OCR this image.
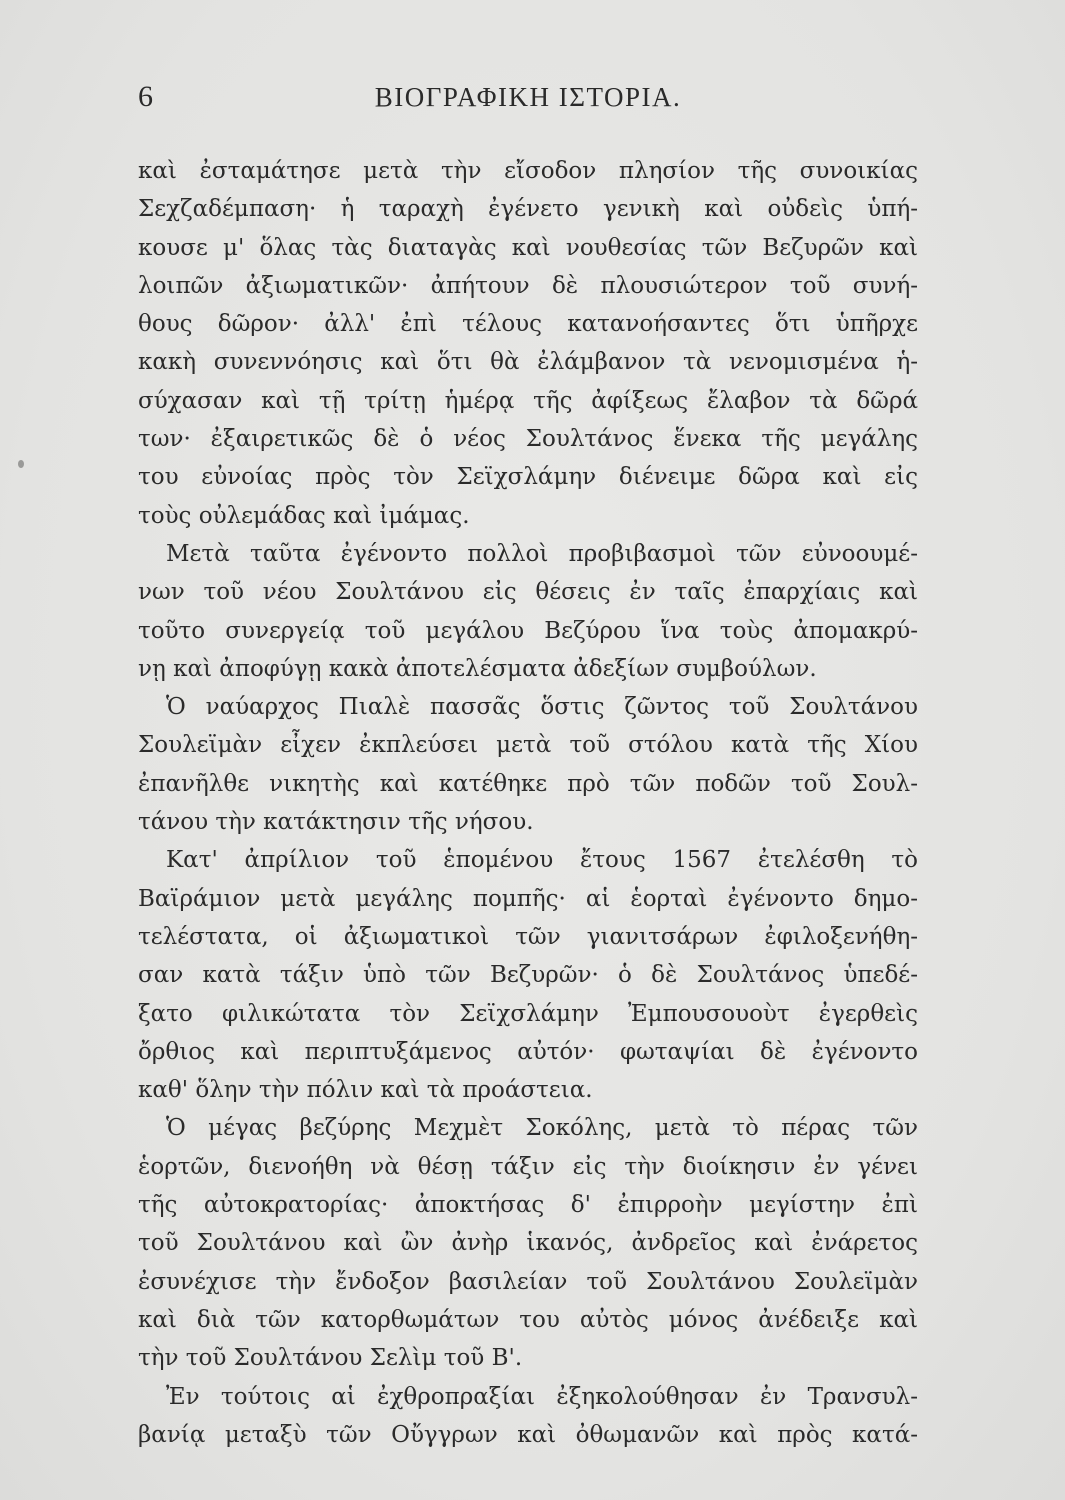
6	ΒΙΟΓΡΑΦΙΚΗ ΙΣΤΟΡΙΑ.
καὶ ἐσταμάτησε μετὰ τὴν εἴσοδον πλησίον τῆς συνοικίας
Σεχζαδέμπαση· ἡ ταραχὴ ἐγένετο γενικὴ καὶ οὐδεὶς ὑπή-
κουσε μ' ὅλας τὰς διαταγὰς καὶ νουθεσίας τῶν Βεζυρῶν καὶ
λοιπῶν ἀξιωματικῶν· ἀπήτουν δὲ πλουσιώτερον τοῦ συνή-
θους δῶρον· ἀλλ' ἐπὶ τέλους κατανοήσαντες ὅτι ὑπῆρχε
κακὴ συνεννόησις καὶ ὅτι θὰ ἐλάμβανον τὰ νενομισμένα ἡ-
σύχασαν καὶ τῇ τρίτῃ ἡμέρᾳ τῆς ἀφίξεως ἔλαβον τὰ δῶρά
των· ἐξαιρετικῶς δὲ ὁ νέος Σουλτάνος ἕνεκα τῆς μεγάλης
του εὐνοίας πρὸς τὸν Σεϊχσλάμην διένειμε δῶρα καὶ εἰς
τοὺς οὐλεμάδας καὶ ἰμάμας.
Μετὰ ταῦτα ἐγένοντο πολλοὶ προβιβασμοὶ τῶν εὐνοουμέ-
νων τοῦ νέου Σουλτάνου εἰς θέσεις ἐν ταῖς ἐπαρχίαις καὶ
τοῦτο συνεργείᾳ τοῦ μεγάλου Βεζύρου ἵνα τοὺς ἀπομακρύ-
νῃ καὶ ἀποφύγῃ κακὰ ἀποτελέσματα ἀδεξίων συμβούλων.
Ὁ ναύαρχος Πιαλὲ πασσᾶς ὅστις ζῶντος τοῦ Σουλτάνου
Σουλεϊμὰν εἶχεν ἐκπλεύσει μετὰ τοῦ στόλου κατὰ τῆς Χίου
ἐπανῆλθε νικητὴς καὶ κατέθηκε πρὸ τῶν ποδῶν τοῦ Σουλ-
τάνου τὴν κατάκτησιν τῆς νήσου.
Κατ' ἀπρίλιον τοῦ ἑπομένου ἔτους 1567 ἐτελέσθη τὸ
Βαϊράμιον μετὰ μεγάλης πομπῆς· αἱ ἑορταὶ ἐγένοντο δημο-
τελέστατα, οἱ ἀξιωματικοὶ τῶν γιανιτσάρων ἐφιλοξενήθη-
σαν κατὰ τάξιν ὑπὸ τῶν Βεζυρῶν· ὁ δὲ Σουλτάνος ὑπεδέ-
ξατο φιλικώτατα τὸν Σεϊχσλάμην Ἐμπουσουοὺτ ἐγερθεὶς
ὄρθιος καὶ περιπτυξάμενος αὐτόν· φωταψίαι δὲ ἐγένοντο
καθ' ὅλην τὴν πόλιν καὶ τὰ προάστεια.
Ὁ μέγας βεζύρης Μεχμὲτ Σοκόλης, μετὰ τὸ πέρας τῶν
ἑορτῶν, διενοήθη νὰ θέσῃ τάξιν εἰς τὴν διοίκησιν ἐν γένει
τῆς αὐτοκρατορίας· ἀποκτήσας δ' ἐπιρροὴν μεγίστην ἐπὶ
τοῦ Σουλτάνου καὶ ὢν ἀνὴρ ἱκανός, ἀνδρεῖος καὶ ἐνάρετος
ἐσυνέχισε τὴν ἔνδοξον βασιλείαν τοῦ Σουλτάνου Σουλεϊμὰν
καὶ διὰ τῶν κατορθωμάτων του αὐτὸς μόνος ἀνέδειξε καὶ
τὴν τοῦ Σουλτάνου Σελὶμ τοῦ Β'.
Ἐν τούτοις αἱ ἐχθροπραξίαι ἐξηκολούθησαν ἐν Τρανσυλ-
βανίᾳ μεταξὺ τῶν Οὔγγρων καὶ ὀθωμανῶν καὶ πρὸς κατά-
